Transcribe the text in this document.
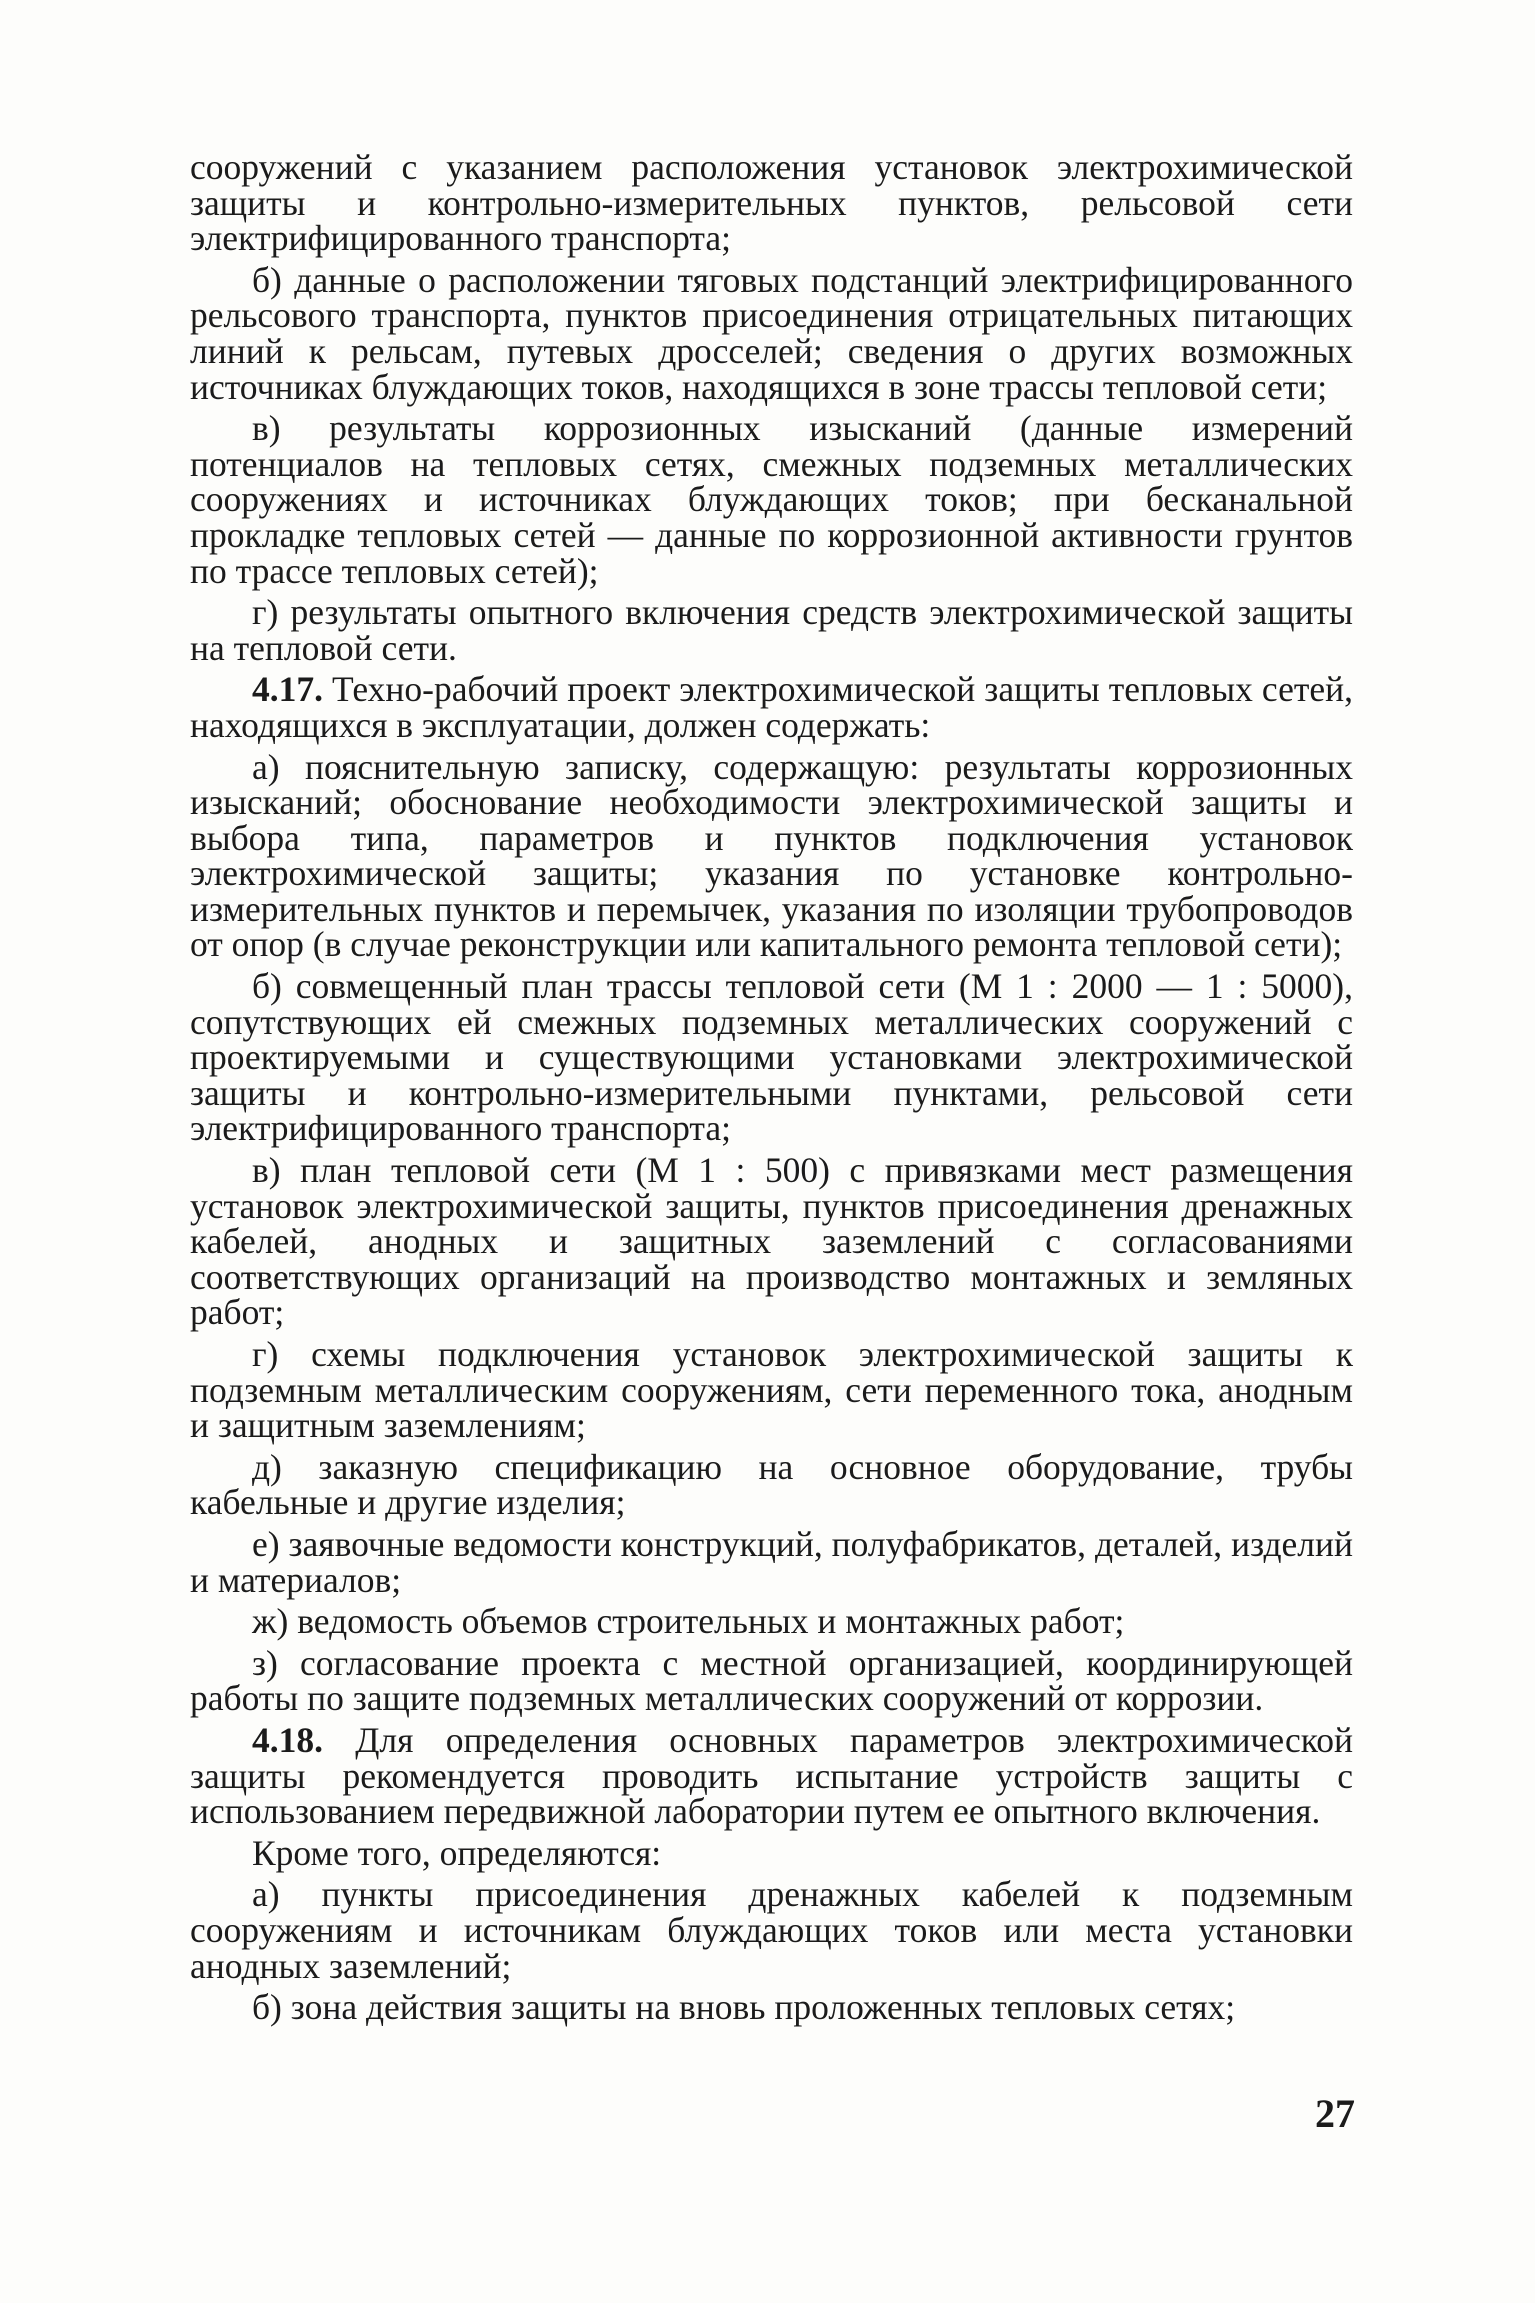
сооружений с указанием расположения установок электрохимической защиты и контрольно-измерительных пунктов, рельсовой сети электрифицированного транспорта;

б) данные о расположении тяговых подстанций электрифицированного рельсового транспорта, пунктов присоединения отрицательных питающих линий к рельсам, путевых дросселей; сведения о других возможных источниках блуждающих токов, находящихся в зоне трассы тепловой сети;

в) результаты коррозионных изысканий (данные измерений потенциалов на тепловых сетях, смежных подземных металлических сооружениях и источниках блуждающих токов; при бесканальной прокладке тепловых сетей — данные по коррозионной активности грунтов по трассе тепловых сетей);

г) результаты опытного включения средств электрохимической защиты на тепловой сети.

4.17. Техно-рабочий проект электрохимической защиты тепловых сетей, находящихся в эксплуатации, должен содержать:

а) пояснительную записку, содержащую: результаты коррозионных изысканий; обоснование необходимости электрохимической защиты и выбора типа, параметров и пунктов подключения установок электрохимической защиты; указания по установке контрольно-измерительных пунктов и перемычек, указания по изоляции трубопроводов от опор (в случае реконструкции или капитального ремонта тепловой сети);

б) совмещенный план трассы тепловой сети (М 1 : 2000 — 1 : 5000), сопутствующих ей смежных подземных металлических сооружений с проектируемыми и существующими установками электрохимической защиты и контрольно-измерительными пунктами, рельсовой сети электрифицированного транспорта;

в) план тепловой сети (М 1 : 500) с привязками мест размещения установок электрохимической защиты, пунктов присоединения дренажных кабелей, анодных и защитных заземлений с согласованиями соответствующих организаций на производство монтажных и земляных работ;

г) схемы подключения установок электрохимической защиты к подземным металлическим сооружениям, сети переменного тока, анодным и защитным заземлениям;

д) заказную спецификацию на основное оборудование, трубы кабельные и другие изделия;

е) заявочные ведомости конструкций, полуфабрикатов, деталей, изделий и материалов;

ж) ведомость объемов строительных и монтажных работ;

з) согласование проекта с местной организацией, координирующей работы по защите подземных металлических сооружений от коррозии.

4.18. Для определения основных параметров электрохимической защиты рекомендуется проводить испытание устройств защиты с использованием передвижной лаборатории путем ее опытного включения.

Кроме того, определяются:

а) пункты присоединения дренажных кабелей к подземным сооружениям и источникам блуждающих токов или места установки анодных заземлений;

б) зона действия защиты на вновь проложенных тепловых сетях;

27
